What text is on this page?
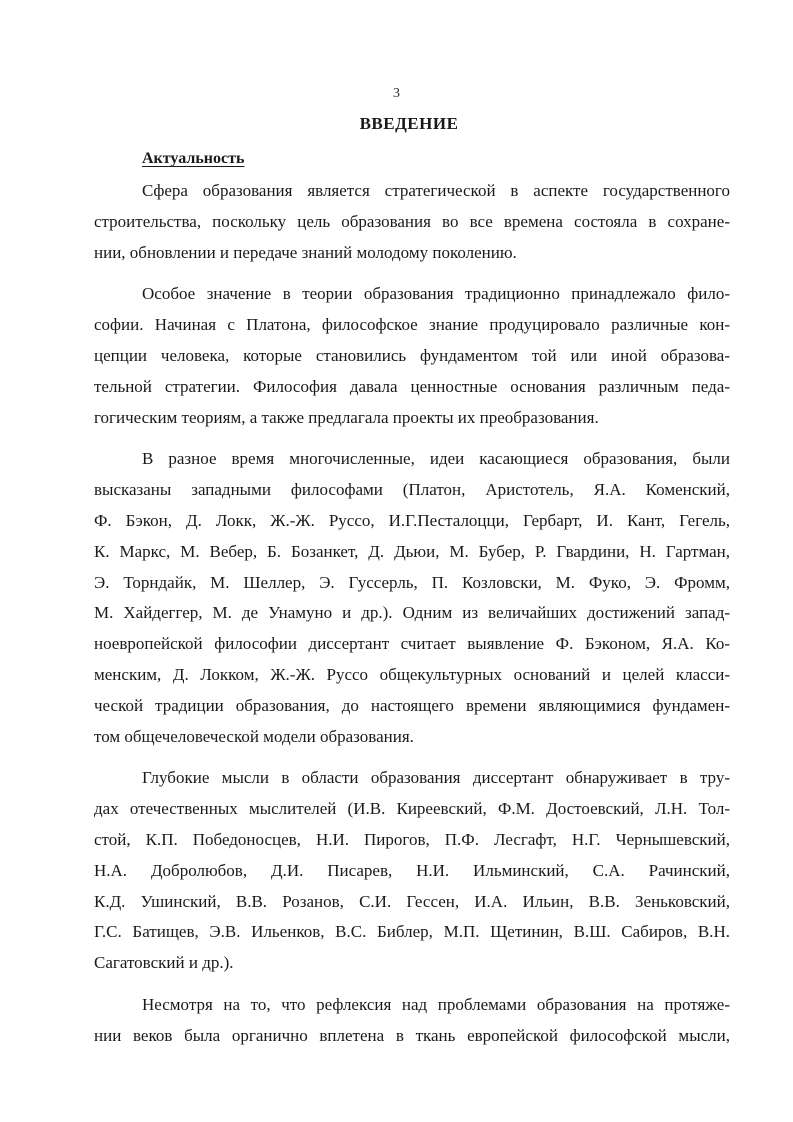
3
ВВЕДЕНИЕ
Актуальность
Сфера образования является стратегической в аспекте государственного
строительства, поскольку цель образования во все времена состояла в сохране-
нии, обновлении и передаче знаний молодому поколению.
Особое значение в теории образования традиционно принадлежало фило-
софии. Начиная с Платона, философское знание продуцировало различные кон-
цепции человека, которые становились фундаментом той или иной образова-
тельной стратегии. Философия давала ценностные основания различным педа-
гогическим теориям, а также предлагала проекты их преобразования.
В разное время многочисленные, идеи касающиеся образования, были
высказаны западными философами (Платон, Аристотель, Я.А. Коменский,
Ф. Бэкон, Д. Локк, Ж.-Ж. Руссо, И.Г.Песталоцци, Гербарт, И. Кант, Гегель,
К. Маркс, М. Вебер, Б. Бозанкет, Д. Дьюи, М. Бубер, Р. Гвардини, Н. Гартман,
Э. Торндайк, М. Шеллер, Э. Гуссерль, П. Козловски, М. Фуко, Э. Фромм,
М. Хайдеггер, М. де Унамуно и др.). Одним из величайших достижений запад-
ноевропейской философии диссертант считает выявление Ф. Бэконом, Я.А. Ко-
менским, Д. Локком, Ж.-Ж. Руссо общекультурных оснований и целей класси-
ческой традиции образования, до настоящего времени являющимися фундамен-
том общечеловеческой модели образования.
Глубокие мысли в области образования диссертант обнаруживает в тру-
дах отечественных мыслителей (И.В. Киреевский, Ф.М. Достоевский, Л.Н. Тол-
стой, К.П. Победоносцев, Н.И. Пирогов, П.Ф. Лесгафт, Н.Г. Чернышевский,
Н.А. Добролюбов, Д.И. Писарев, Н.И. Ильминский, С.А. Рачинский,
К.Д. Ушинский, В.В. Розанов, С.И. Гессен, И.А. Ильин, В.В. Зеньковский,
Г.С. Батищев, Э.В. Ильенков, В.С. Библер, М.П. Щетинин, В.Ш. Сабиров, В.Н.
Сагатовский и др.).
Несмотря на то, что рефлексия над проблемами образования на протяже-
нии веков была органично вплетена в ткань европейской философской мысли,
